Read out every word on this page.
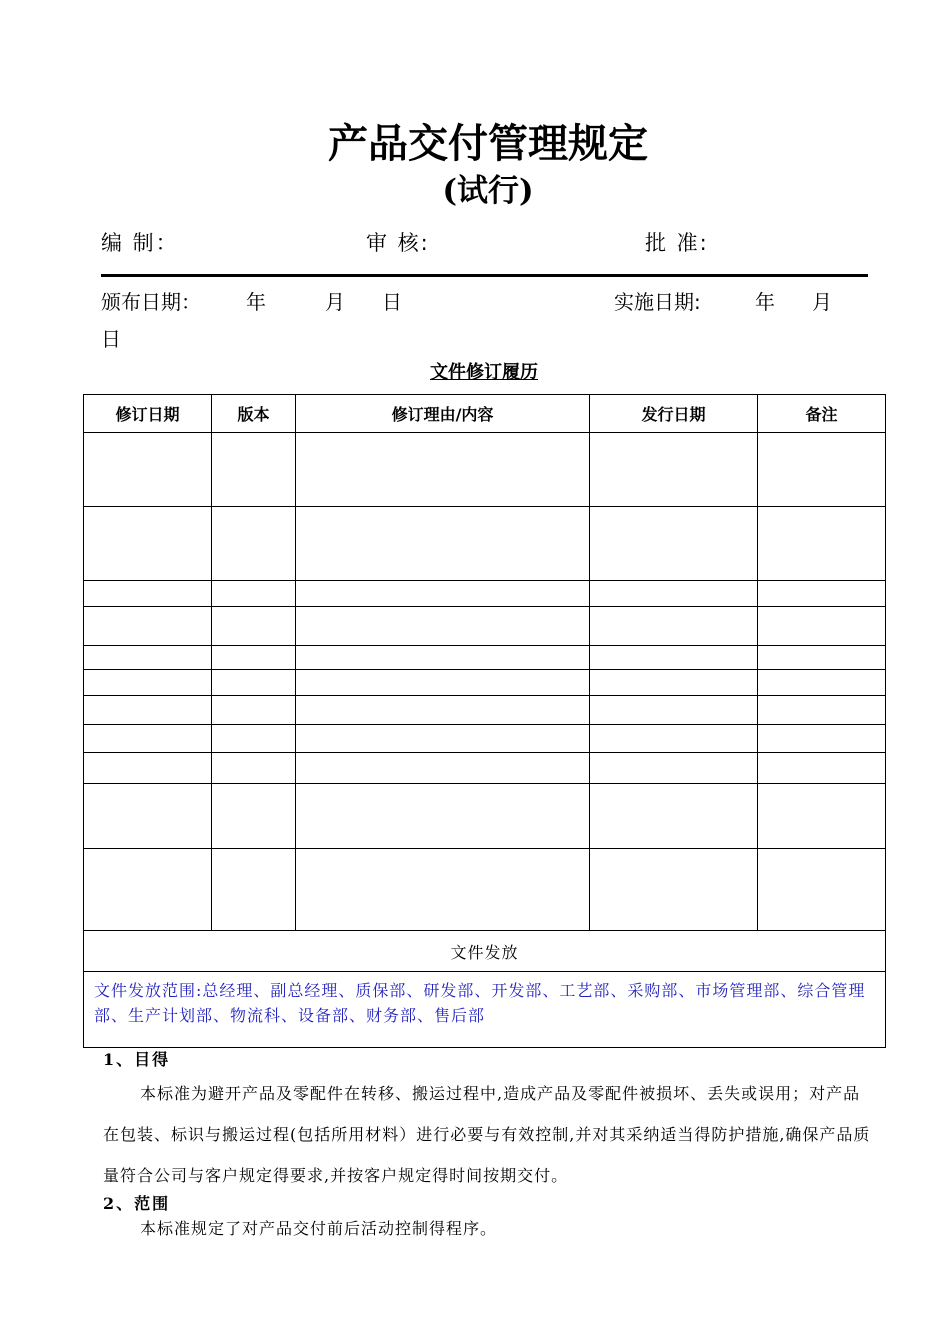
产品交付管理规定
(试行)
编 制：	审 核:	批 准:
颁布日期： 年	月 日	实施日期:	年 月
日
文件修订履历
修订日期	版本	修订理由/内容	发行日期	备注

文件发放				
文件发放范围:总经理、副总经理、质保部、研发部、开发部、工艺部、采购部、市场管理部、综合管理部、生产计划部、物流科、设备部、财务部、售后部				
1、目得
本标准为避开产品及零配件在转移、搬运过程中,造成产品及零配件被损坏、丢失或误用；对产品在包装、标识与搬运过程(包括所用材料）进行必要与有效控制,并对其采纳适当得防护措施,确保产品质量符合公司与客户规定得要求,并按客户规定得时间按期交付。
2、范围
本标准规定了对产品交付前后活动控制得程序。
